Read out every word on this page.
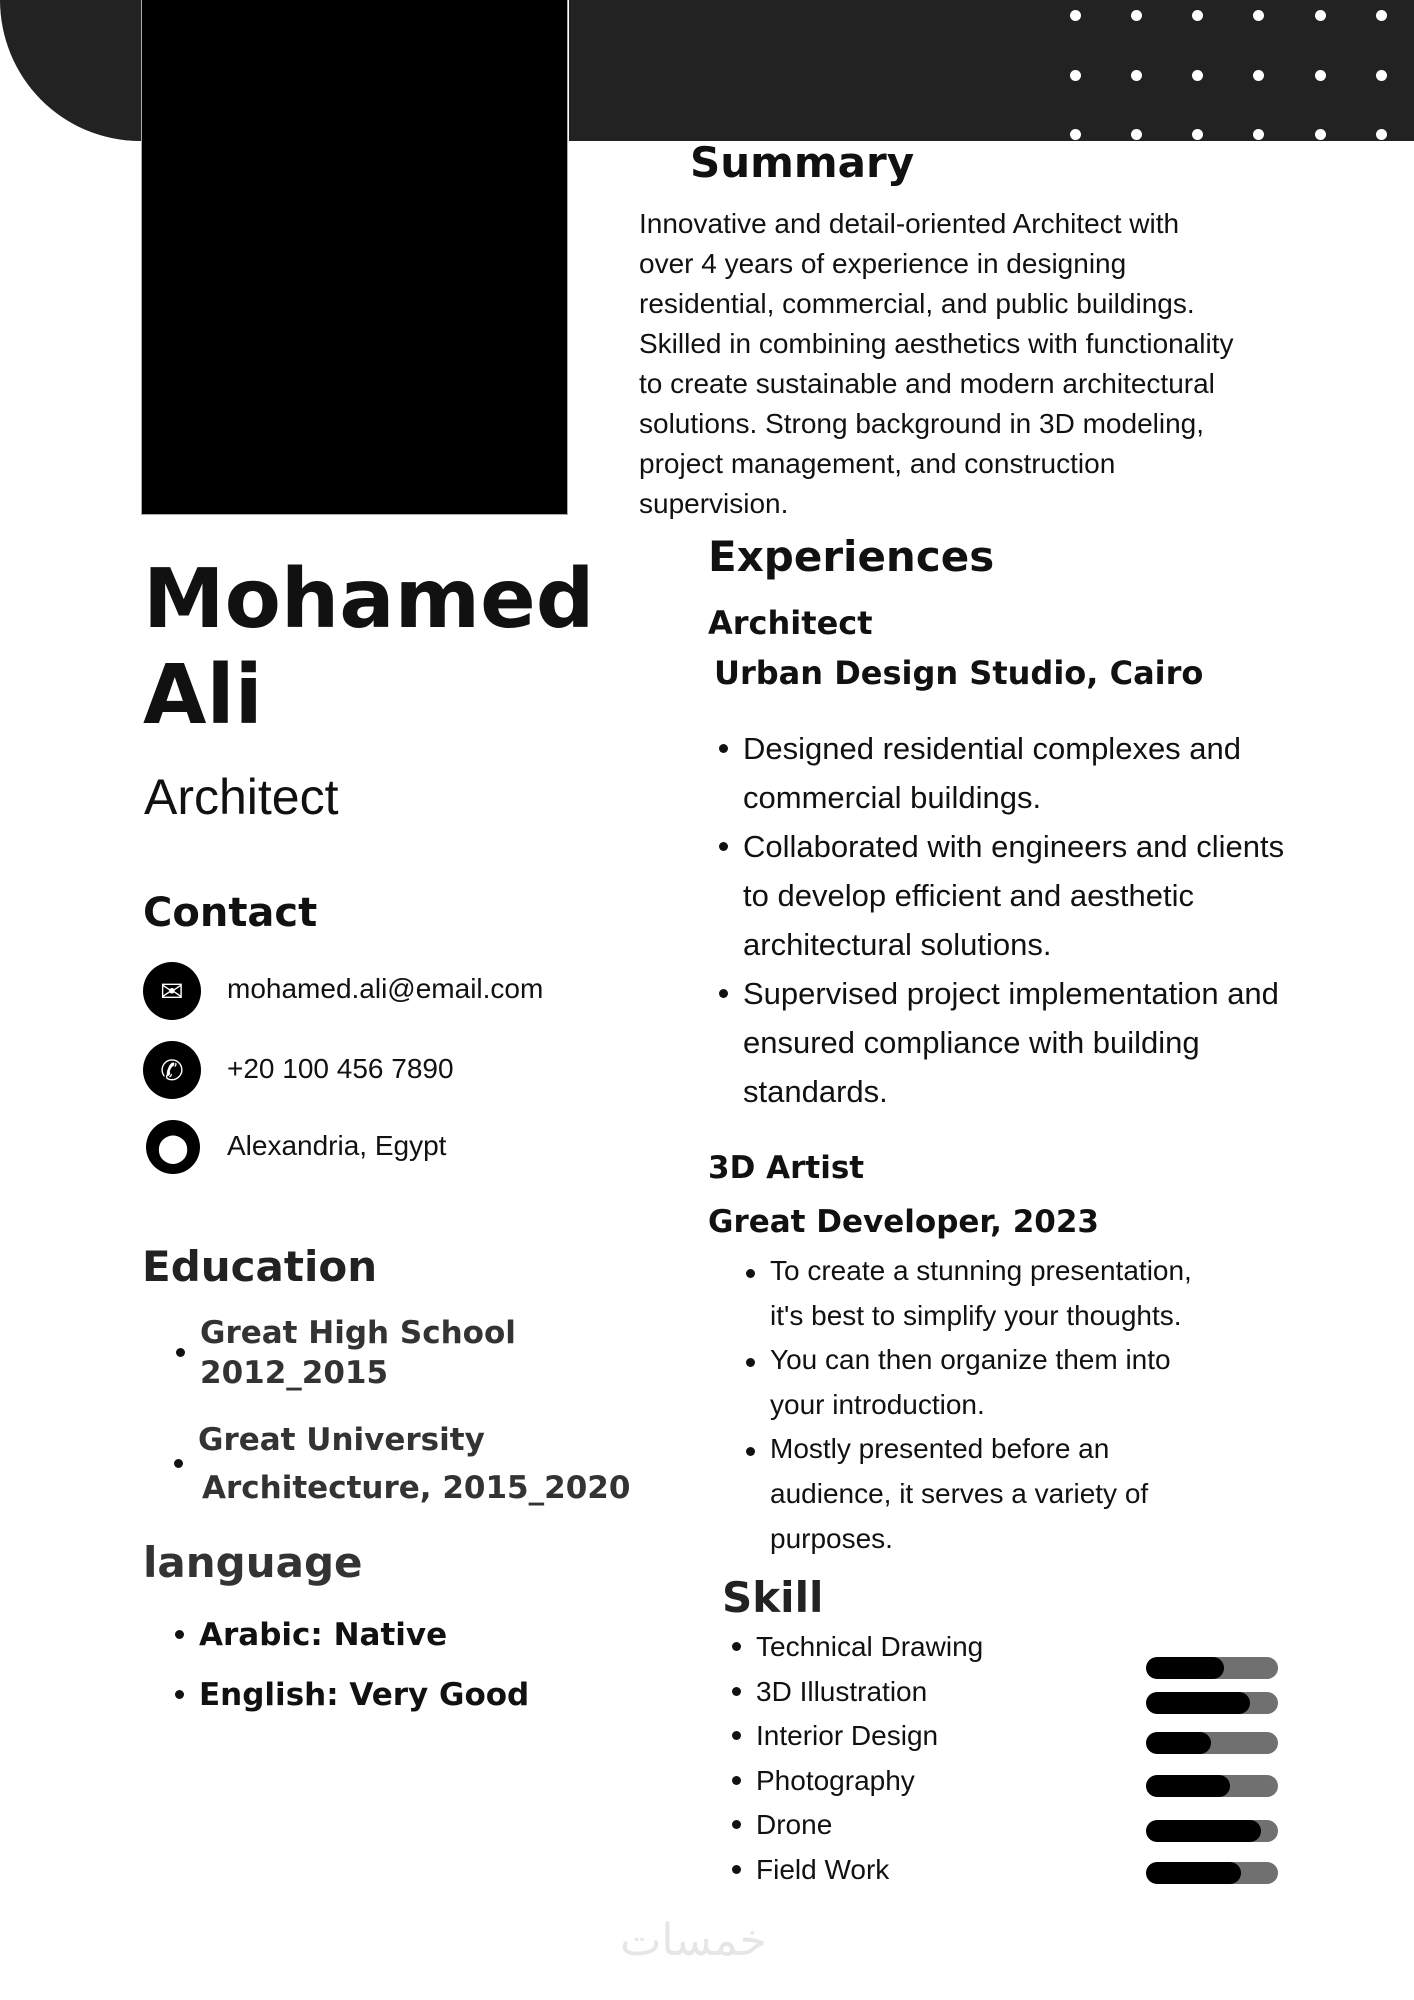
Summary
Innovative and detail-oriented Architect with
over 4 years of experience in designing
residential, commercial, and public buildings.
Skilled in combining aesthetics with functionality
to create sustainable and modern architectural
solutions. Strong background in 3D modeling,
project management, and construction
supervision.
Mohamed
Ali
Architect
Contact
✉	mohamed.ali@email.com
✆	+20 100 456 7890
⬤	Alexandria, Egypt
Education
Great High School
2012_2015
Great University
Architecture, 2015_2020
language
Arabic: Native
English: Very Good
Experiences
Skill
خمسات
Architect
Urban Design Studio, Cairo
Designed residential complexes and
commercial buildings.
Collaborated with engineers and clients
to develop efficient and aesthetic
architectural solutions.
Supervised project implementation and
ensured compliance with building
standards.
3D Artist
Great Developer, 2023
To create a stunning presentation,
it's best to simplify your thoughts.
You can then organize them into
your introduction.
Mostly presented before an
audience, it serves a variety of
purposes.
Technical Drawing
3D Illustration
Interior Design
Photography
Drone
Field Work
